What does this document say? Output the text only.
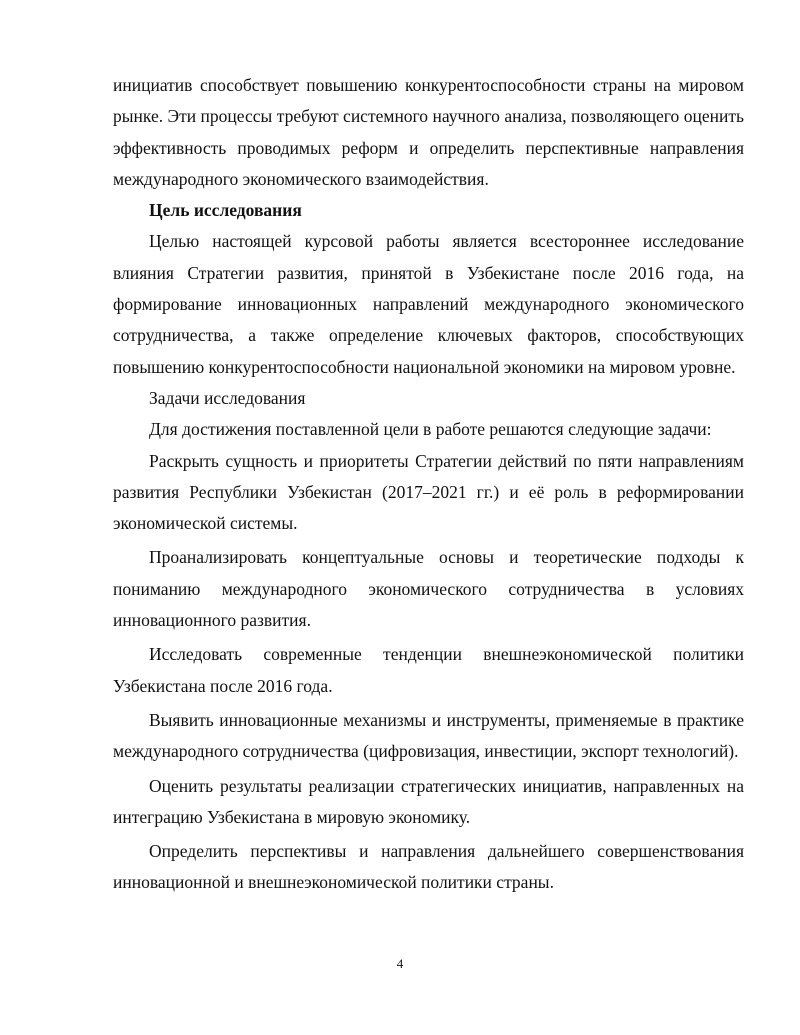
инициатив способствует повышению конкурентоспособности страны на мировом рынке. Эти процессы требуют системного научного анализа, позволяющего оценить эффективность проводимых реформ и определить перспективные направления международного экономического взаимодействия.

Цель исследования

Целью настоящей курсовой работы является всестороннее исследование влияния Стратегии развития, принятой в Узбекистане после 2016 года, на формирование инновационных направлений международного экономического сотрудничества, а также определение ключевых факторов, способствующих повышению конкурентоспособности национальной экономики на мировом уровне.

Задачи исследования

Для достижения поставленной цели в работе решаются следующие задачи:

Раскрыть сущность и приоритеты Стратегии действий по пяти направлениям развития Республики Узбекистан (2017–2021 гг.) и её роль в реформировании экономической системы.

Проанализировать концептуальные основы и теоретические подходы к пониманию международного экономического сотрудничества в условиях инновационного развития.

Исследовать современные тенденции внешнеэкономической политики Узбекистана после 2016 года.

Выявить инновационные механизмы и инструменты, применяемые в практике международного сотрудничества (цифровизация, инвестиции, экспорт технологий).

Оценить результаты реализации стратегических инициатив, направленных на интеграцию Узбекистана в мировую экономику.

Определить перспективы и направления дальнейшего совершенствования инновационной и внешнеэкономической политики страны.

4
